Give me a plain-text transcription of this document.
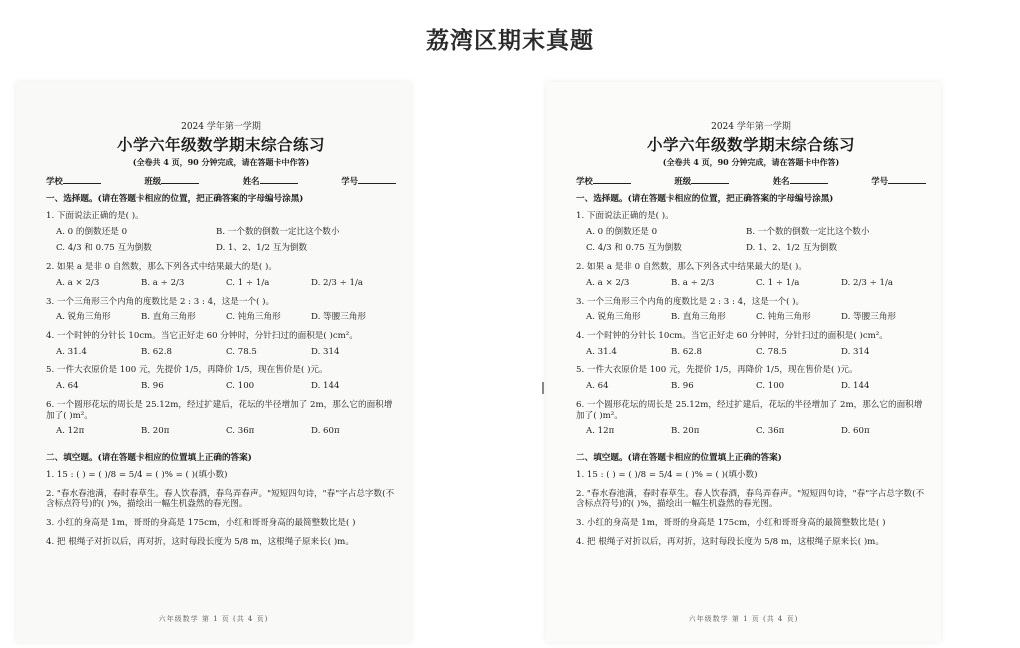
荔湾区期末真题
2024 学年第一学期
小学六年级数学期末综合练习
(全卷共 4 页，90 分钟完成，请在答题卡中作答)
学校	班级	姓名	学号
一、选择题。(请在答题卡相应的位置，把正确答案的字母编号涂黑)
1. 下面说法正确的是( )。
A. 0 的倒数还是 0	B. 一个数的倒数一定比这个数小
C. 4/3 和 0.75 互为倒数	D. 1、2、1/2 互为倒数
2. 如果 a 是非 0 自然数，那么下列各式中结果最大的是( )。
A. a × 2/3	B. a ÷ 2/3	C. 1 ÷ 1/a	D. 2/3 ÷ 1/a
3. 一个三角形三个内角的度数比是 2 : 3 : 4，这是一个( )。
A. 锐角三角形	B. 直角三角形	C. 钝角三角形	D. 等腰三角形
4. 一个时钟的分针长 10cm。当它正好走 60 分钟时，分针扫过的面积是( )cm²。
A. 31.4	B. 62.8	C. 78.5	D. 314
5. 一件大衣原价是 100 元，先提价 1/5，再降价 1/5，现在售价是( )元。
A. 64	B. 96	C. 100	D. 144
6. 一个圆形花坛的周长是 25.12m，经过扩建后，花坛的半径增加了 2m，那么它的面积增加了( )m²。
A. 12π	B. 20π	C. 36π	D. 60π
二、填空题。(请在答题卡相应的位置填上正确的答案)
1. 15 : ( ) = ( )/8 = 5/4 = ( )% = ( )(填小数)
2. "春水春池满，春时春草生。春人饮春酒，春鸟弄春声。"短短四句诗，"春"字占总字数(不含标点符号)的( )%，描绘出一幅生机盎然的春光图。
3. 小红的身高是 1m，哥哥的身高是 175cm，小红和哥哥身高的最简整数比是( )
4. 把 根绳子对折以后，再对折，这时每段长度为 5/8 m，这根绳子原来长( )m。
六年级数学 第 1 页 (共 4 页)
2024 学年第一学期
小学六年级数学期末综合练习
(全卷共 4 页，90 分钟完成，请在答题卡中作答)
学校	班级	姓名	学号
一、选择题。(请在答题卡相应的位置，把正确答案的字母编号涂黑)
1. 下面说法正确的是( )。
A. 0 的倒数还是 0	B. 一个数的倒数一定比这个数小
C. 4/3 和 0.75 互为倒数	D. 1、2、1/2 互为倒数
2. 如果 a 是非 0 自然数，那么下列各式中结果最大的是( )。
A. a × 2/3	B. a ÷ 2/3	C. 1 ÷ 1/a	D. 2/3 ÷ 1/a
3. 一个三角形三个内角的度数比是 2 : 3 : 4，这是一个( )。
A. 锐角三角形	B. 直角三角形	C. 钝角三角形	D. 等腰三角形
4. 一个时钟的分针长 10cm。当它正好走 60 分钟时，分针扫过的面积是( )cm²。
A. 31.4	B. 62.8	C. 78.5	D. 314
5. 一件大衣原价是 100 元，先提价 1/5，再降价 1/5，现在售价是( )元。
A. 64	B. 96	C. 100	D. 144
6. 一个圆形花坛的周长是 25.12m，经过扩建后，花坛的半径增加了 2m，那么它的面积增加了( )m²。
A. 12π	B. 20π	C. 36π	D. 60π
二、填空题。(请在答题卡相应的位置填上正确的答案)
1. 15 : ( ) = ( )/8 = 5/4 = ( )% = ( )(填小数)
2. "春水春池满，春时春草生。春人饮春酒，春鸟弄春声。"短短四句诗，"春"字占总字数(不含标点符号)的( )%，描绘出一幅生机盎然的春光图。
3. 小红的身高是 1m，哥哥的身高是 175cm，小红和哥哥身高的最简整数比是( )
4. 把 根绳子对折以后，再对折，这时每段长度为 5/8 m，这根绳子原来长( )m。
六年级数学 第 1 页 (共 4 页)
